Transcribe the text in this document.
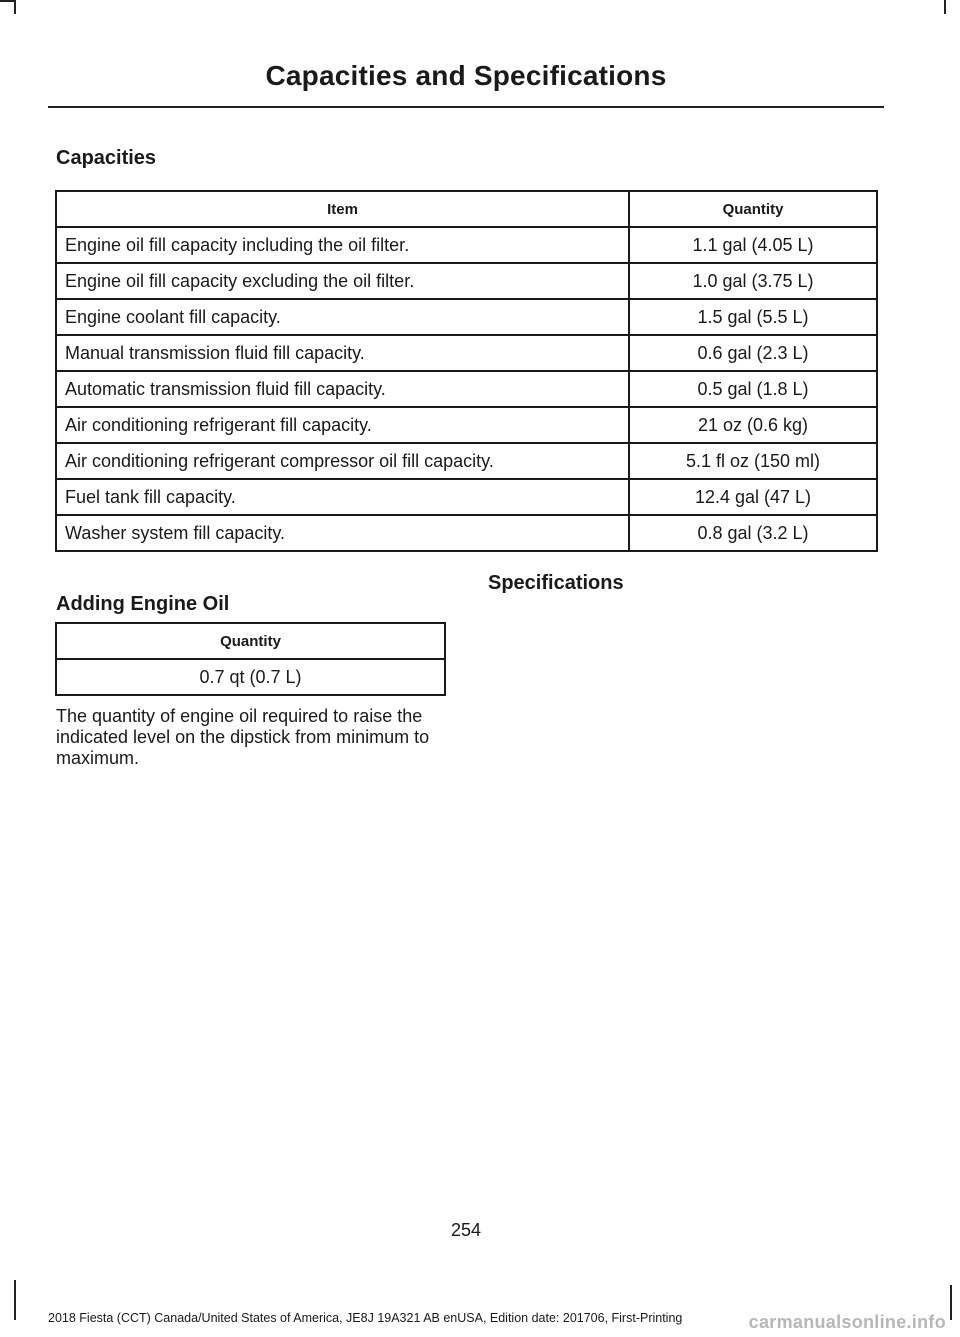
Capacities and Specifications
Capacities
Item	Quantity
Engine oil fill capacity including the oil filter.	1.1 gal (4.05 L)
Engine oil fill capacity excluding the oil filter.	1.0 gal (3.75 L)
Engine coolant fill capacity.	1.5 gal (5.5 L)
Manual transmission fluid fill capacity.	0.6 gal (2.3 L)
Automatic transmission fluid fill capacity.	0.5 gal (1.8 L)
Air conditioning refrigerant fill capacity.	21 oz (0.6 kg)
Air conditioning refrigerant compressor oil fill capacity.	5.1 fl oz (150 ml)
Fuel tank fill capacity.	12.4 gal (47 L)
Washer system fill capacity.	0.8 gal (3.2 L)
Adding Engine Oil
Quantity
0.7 qt (0.7 L)
The quantity of engine oil required to raise the indicated level on the dipstick from minimum to maximum.
Specifications
254
2018 Fiesta (CCT) Canada/United States of America, JE8J 19A321 AB enUSA, Edition date: 201706, First-Printing	carmanualsonline.info
